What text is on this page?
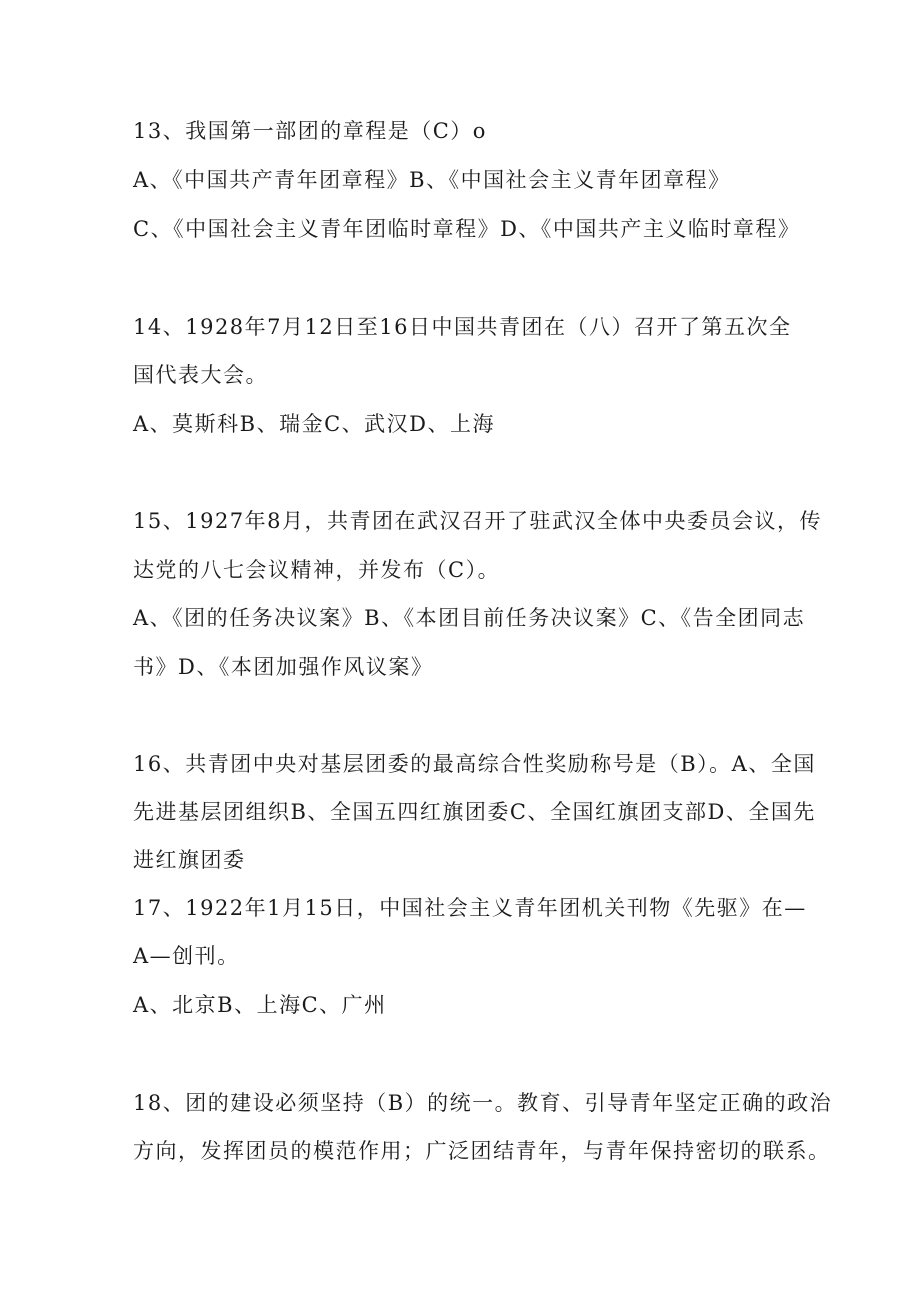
13、我国第一部团的章程是（C）o
A、《中国共产青年团章程》B、《中国社会主义青年团章程》
C、《中国社会主义青年团临时章程》D、《中国共产主义临时章程》
14、1928年7月12日至16日中国共青团在（八）召开了第五次全
国代表大会。
A、莫斯科B、瑞金C、武汉D、上海
15、1927年8月，共青团在武汉召开了驻武汉全体中央委员会议，传
达党的八七会议精神，并发布（C）。
A、《团的任务决议案》B、《本团目前任务决议案》C、《告全团同志
书》D、《本团加强作风议案》
16、共青团中央对基层团委的最高综合性奖励称号是（B）。A、全国
先进基层团组织B、全国五四红旗团委C、全国红旗团支部D、全国先
进红旗团委
17、1922年1月15日，中国社会主义青年团机关刊物《先驱》在—
A—创刊。
A、北京B、上海C、广州
18、团的建设必须坚持（B）的统一。教育、引导青年坚定正确的政治
方向，发挥团员的模范作用；广泛团结青年，与青年保持密切的联系。
